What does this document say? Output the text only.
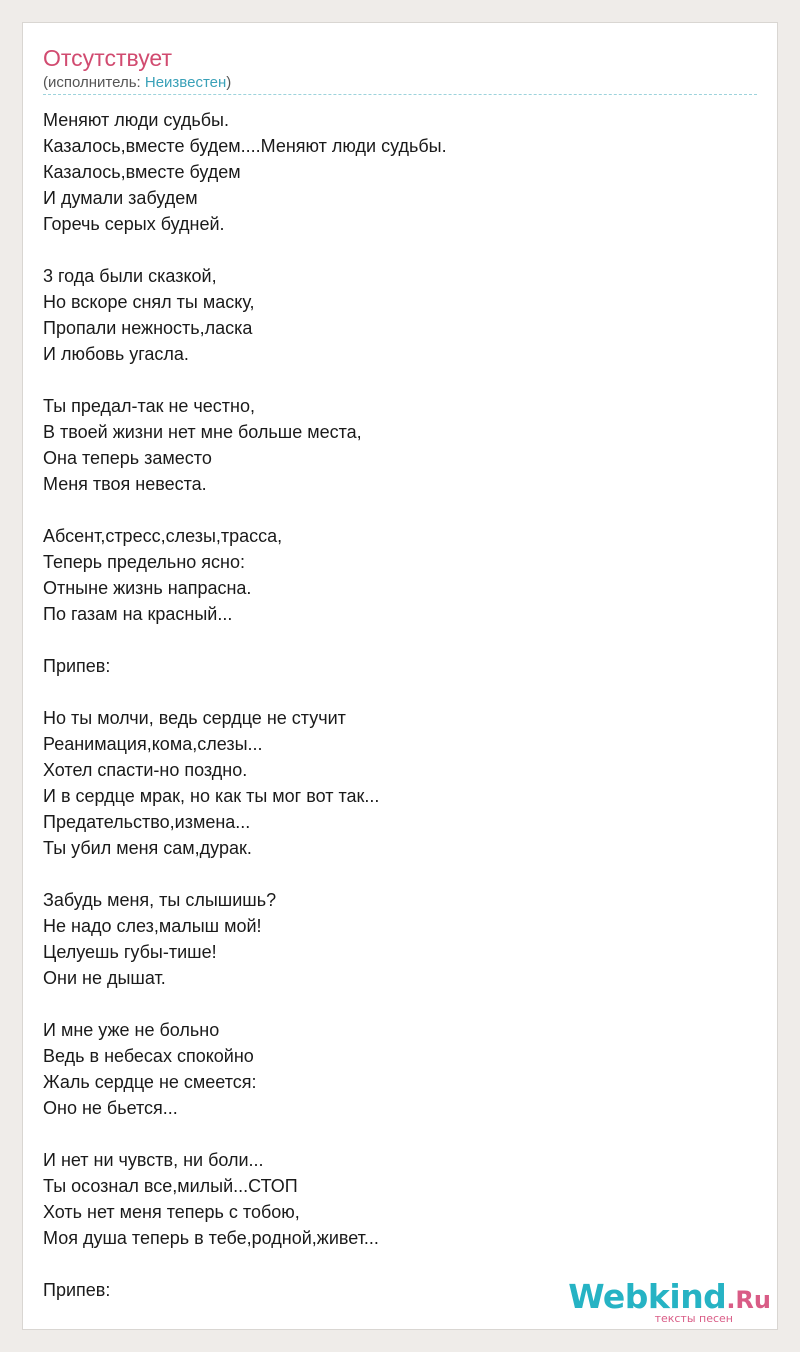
Отсутствует
(исполнитель: Неизвестен)
Меняют люди судьбы.
Казалось,вместе будем....Меняют люди судьбы.
Казалось,вместе будем
И думали забудем
Горечь серых будней.
3 года были сказкой,
Но вскоре снял ты маску,
Пропали нежность,ласка
И любовь угасла.
Ты предал-так не честно,
В твоей жизни нет мне больше места,
Она теперь заместо
Меня твоя невеста.
Абсент,стресс,слезы,трасса,
Теперь предельно ясно:
Отныне жизнь напрасна.
По газам на красный...
Припев:
Но ты молчи, ведь сердце не стучит
Реанимация,кома,слезы...
Хотел спасти-но поздно.
И в сердце мрак, но как ты мог вот так...
Предательство,измена...
Ты убил меня сам,дурак.
Забудь меня, ты слышишь?
Не надо слез,малыш мой!
Целуешь губы-тише!
Они не дышат.
И мне уже не больно
Ведь в небесах спокойно
Жаль сердце не смеется:
Оно не бьется...
И нет ни чувств, ни боли...
Ты осознал все,милый...СТОП
Хоть нет меня теперь с тобою,
Моя душа теперь в тебе,родной,живет...
Припев:	Webkind.Ru
тексты песен
